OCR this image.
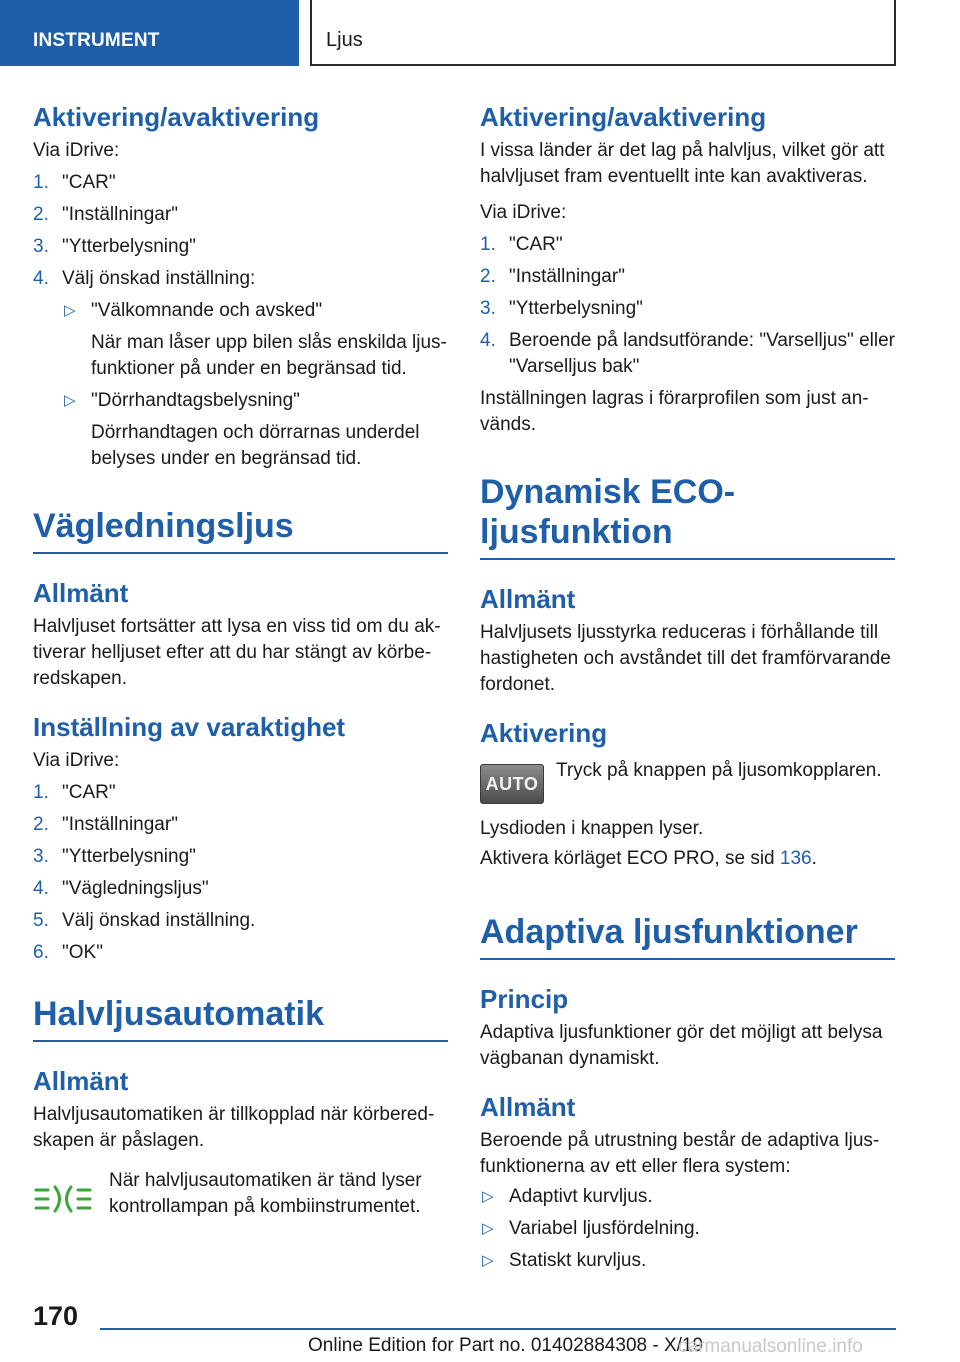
INSTRUMENT	Ljus
Aktivering/avaktivering
Via iDrive:
1. "CAR"
2. "Inställningar"
3. "Ytterbelysning"
4. Välj önskad inställning:
▷ "Välkomnande och avsked"
När man låser upp bilen slås enskilda ljus-funktioner på under en begränsad tid.
▷ "Dörrhandtagsbelysning"
Dörrhandtagen och dörrarnas underdel belyses under en begränsad tid.
Vägledningsljus
Allmänt
Halvljuset fortsätter att lysa en viss tid om du ak-tiverar helljuset efter att du har stängt av körbe-redskapen.
Inställning av varaktighet
Via iDrive:
1. "CAR"
2. "Inställningar"
3. "Ytterbelysning"
4. "Vägledningsljus"
5. Välj önskad inställning.
6. "OK"
Halvljusautomatik
Allmänt
Halvljusautomatiken är tillkopplad när körbered-skapen är påslagen.
När halvljusautomatiken är tänd lyser kontrollampan på kombiinstrumentet.
Aktivering/avaktivering
I vissa länder är det lag på halvljus, vilket gör att halvljuset fram eventuellt inte kan avaktiveras.
Via iDrive:
1. "CAR"
2. "Inställningar"
3. "Ytterbelysning"
4. Beroende på landsutförande: "Varselljus" eller "Varselljus bak"
Inställningen lagras i förarprofilen som just an-vänds.
Dynamisk ECO-ljusfunktion
Allmänt
Halvljusets ljusstyrka reduceras i förhållande till hastigheten och avståndet till det framförvarande fordonet.
Aktivering
AUTO
Tryck på knappen på ljusomkopplaren.
Lysdioden i knappen lyser.
Aktivera körläget ECO PRO, se sid 136.
Adaptiva ljusfunktioner
Princip
Adaptiva ljusfunktioner gör det möjligt att belysa vägbanan dynamiskt.
Allmänt
Beroende på utrustning består de adaptiva ljus-funktionerna av ett eller flera system:
▷ Adaptivt kurvljus.
▷ Variabel ljusfördelning.
▷ Statiskt kurvljus.
170
Online Edition for Part no. 01402884308 - X/19
carmanualsonline.info
